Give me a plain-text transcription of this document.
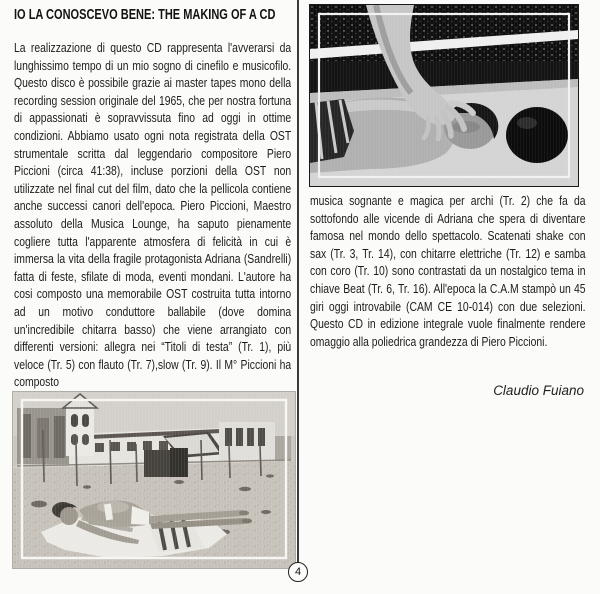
IO LA CONOSCEVO BENE: THE MAKING OF A CD
La realizzazione di questo CD rappresenta l'avverarsi da lunghissimo tempo di un mio sogno di cinefilo e musicofilo. Questo disco è possibile grazie ai master tapes mono della recording session originale del 1965, che per nostra fortuna di appassionati è sopravvissuta fino ad oggi in ottime condizioni. Abbiamo usato ogni nota registrata della OST strumentale scritta dal leggendario compositore Piero Piccioni (circa 41:38), incluse porzioni della OST non utilizzate nel final cut del film, dato che la pellicola contiene anche successi canori dell'epoca. Piero Piccioni, Maestro assoluto della Musica Lounge, ha saputo pienamente cogliere tutta l'apparente atmosfera di felicità in cui è immersa la vita della fragile protagonista Adriana (Sandrelli) fatta di feste, sfilate di moda, eventi mondani. L'autore ha cosi composto una memorabile OST costruita tutta intorno ad un motivo conduttore ballabile (dove domina un'incredibile chitarra basso) che viene arrangiato con differenti versioni: allegra nei “Titoli di testa” (Tr. 1), più veloce (Tr. 5) con flauto (Tr. 7),slow (Tr. 9). Il M° Piccioni ha composto
musica sognante e magica per archi (Tr. 2) che fa da sottofondo alle vicende di Adriana che spera di diventare famosa nel mondo dello spettacolo. Scatenati shake con sax (Tr. 3, Tr. 14), con chitarre elettriche (Tr. 12) e samba con coro (Tr. 10) sono contrastati da un nostalgico tema in chiave Beat (Tr. 6, Tr. 16). All'epoca la C.A.M stampò un 45 giri oggi introvabile (CAM CE 10-014) con due selezioni. Questo CD in edizione integrale vuole finalmente rendere omaggio alla poliedrica grandezza di Piero Piccioni.
Claudio Fuiano
4
